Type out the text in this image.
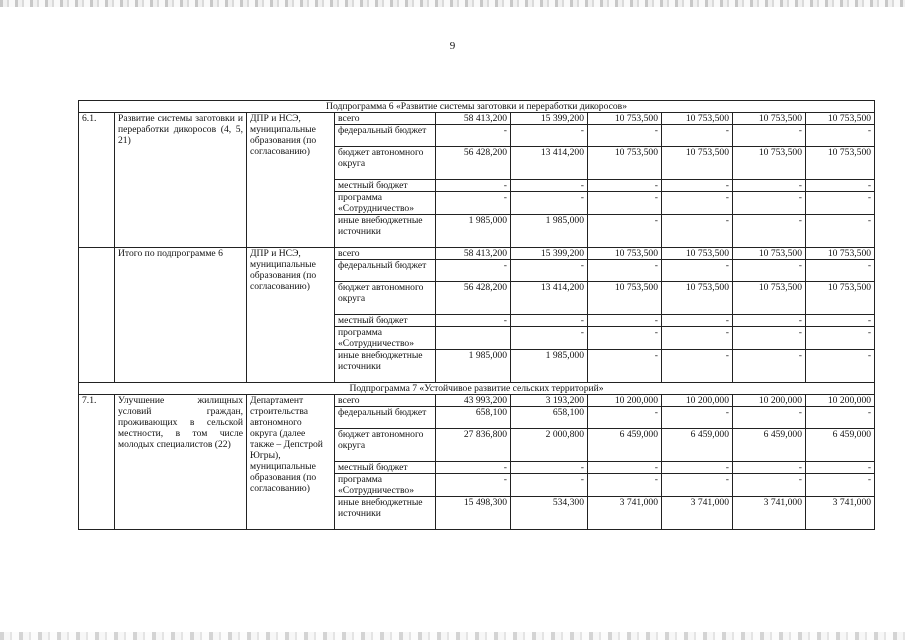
9
Подпрограмма 6 «Развитие системы заготовки и переработки дикоросов»									
6.1.	Развитие системы заготовки и переработки дикоросов (4, 5, 21)	ДПР и НСЭ, муниципальные образования (по согласованию)	всего	58 413,200	15 399,200	10 753,500	10 753,500	10 753,500	10 753,500
			федеральный бюджет	-	-	-	-	-	-
			бюджет автономного округа	56 428,200	13 414,200	10 753,500	10 753,500	10 753,500	10 753,500
			местный бюджет	-	-	-	-	-	-
			программа «Сотрудничество»	-	-	-	-	-	-
			иные внебюджетные источники	1 985,000	1 985,000	-	-	-	-
	Итого по подпрограмме 6	ДПР и НСЭ, муниципальные образования (по согласованию)	всего	58 413,200	15 399,200	10 753,500	10 753,500	10 753,500	10 753,500
			федеральный бюджет	-	-	-	-	-	-
			бюджет автономного округа	56 428,200	13 414,200	10 753,500	10 753,500	10 753,500	10 753,500
			местный бюджет	-	-	-	-	-	-
			программа «Сотрудничество»		-	-	-	-	-
			иные внебюджетные источники	1 985,000	1 985,000	-	-	-	-
Подпрограмма 7 «Устойчивое развитие сельских территорий»									
7.1.	Улучшение жилищных условий граждан, проживающих в сельской местности, в том числе молодых специалистов (22)	Департамент строительства автономного округа (далее также – Депстрой Югры), муниципальные образования (по согласованию)	всего	43 993,200	3 193,200	10 200,000	10 200,000	10 200,000	10 200,000
			федеральный бюджет	658,100	658,100	-	-	-	-
			бюджет автономного округа	27 836,800	2 000,800	6 459,000	6 459,000	6 459,000	6 459,000
			местный бюджет	-	-	-	-	-	-
			программа «Сотрудничество»	-	-	-	-	-	-
			иные внебюджетные источники	15 498,300	534,300	3 741,000	3 741,000	3 741,000	3 741,000
